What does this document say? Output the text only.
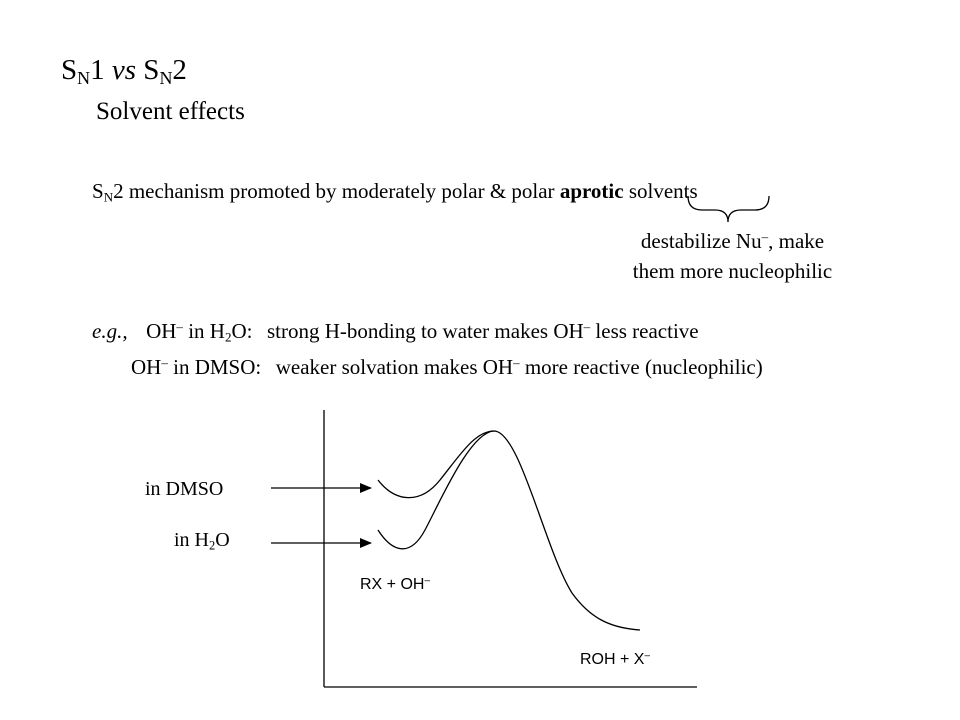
$S_N1$ vs $S_N2$
Solvent effects
$S_N2$ mechanism promoted by moderately polar & polar aprotic solvents
destabilize Nu–, make
them more nucleophilic
e.g., OH– in $H_2O$: strong H-bonding to water makes OH– less reactive
OH– in DMSO: weaker solvation makes OH– more reactive (nucleophilic)
in DMSO
in $H_2O$
RX + OH–
ROH + X–
